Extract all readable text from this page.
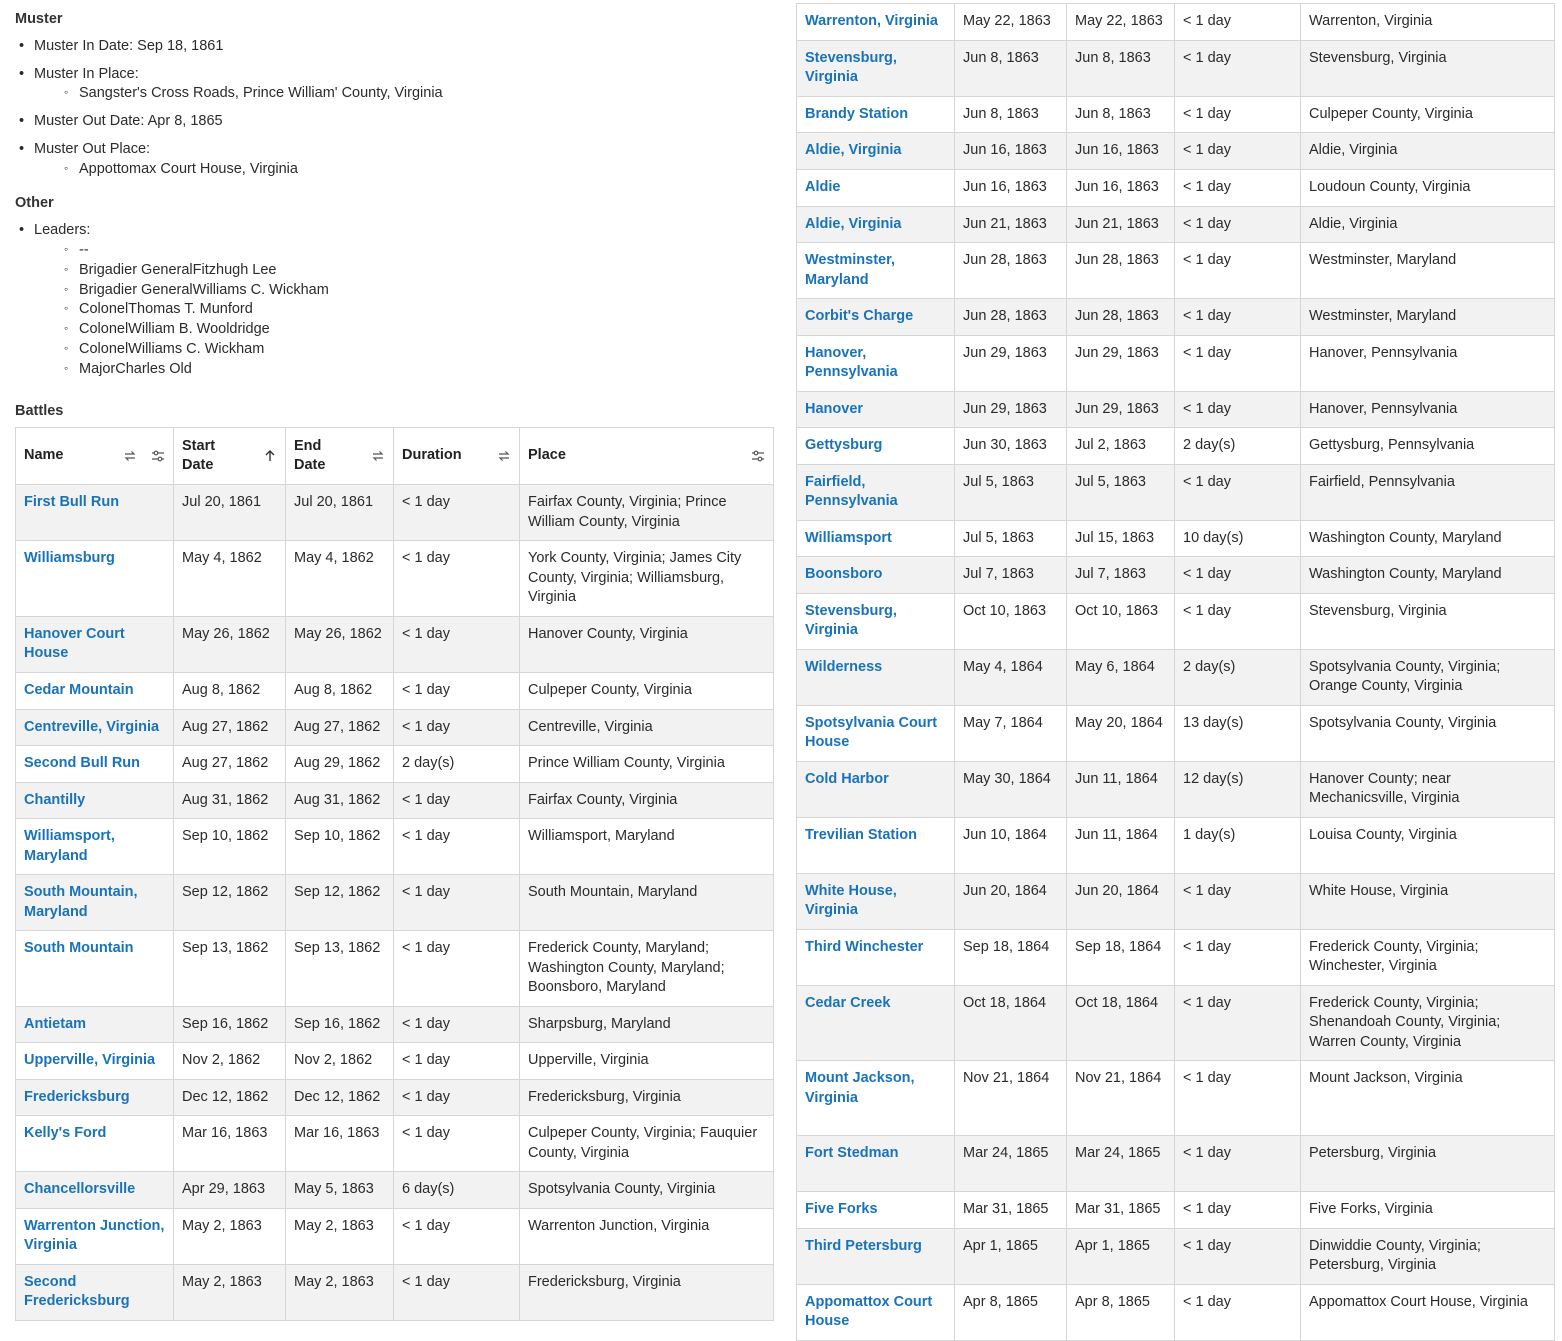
Muster
• Muster In Date: Sep 18, 1861
• Muster In Place:
◦ Sangster's Cross Roads, Prince William' County, Virginia
• Muster Out Date: Apr 8, 1865
• Muster Out Place:
◦ Appottomax Court House, Virginia
Other
• Leaders:
◦ --
◦ Brigadier GeneralFitzhugh Lee
◦ Brigadier GeneralWilliams C. Wickham
◦ ColonelThomas T. Munford
◦ ColonelWilliam B. Wooldridge
◦ ColonelWilliams C. Wickham
◦ MajorCharles Old
Battles
Name	Start Date	End Date	Duration	Place

First Bull Run	Jul 20, 1861	Jul 20, 1861	< 1 day	Fairfax County, Virginia; Prince William County, Virginia
Williamsburg	May 4, 1862	May 4, 1862	< 1 day	York County, Virginia; James City County, Virginia; Williamsburg, Virginia
Hanover Court House	May 26, 1862	May 26, 1862	< 1 day	Hanover County, Virginia
Cedar Mountain	Aug 8, 1862	Aug 8, 1862	< 1 day	Culpeper County, Virginia
Centreville, Virginia	Aug 27, 1862	Aug 27, 1862	< 1 day	Centreville, Virginia
Second Bull Run	Aug 27, 1862	Aug 29, 1862	2 day(s)	Prince William County, Virginia
Chantilly	Aug 31, 1862	Aug 31, 1862	< 1 day	Fairfax County, Virginia
Williamsport, Maryland	Sep 10, 1862	Sep 10, 1862	< 1 day	Williamsport, Maryland
South Mountain, Maryland	Sep 12, 1862	Sep 12, 1862	< 1 day	South Mountain, Maryland
South Mountain	Sep 13, 1862	Sep 13, 1862	< 1 day	Frederick County, Maryland; Washington County, Maryland; Boonsboro, Maryland
Antietam	Sep 16, 1862	Sep 16, 1862	< 1 day	Sharpsburg, Maryland
Upperville, Virginia	Nov 2, 1862	Nov 2, 1862	< 1 day	Upperville, Virginia
Fredericksburg	Dec 12, 1862	Dec 12, 1862	< 1 day	Fredericksburg, Virginia
Kelly's Ford	Mar 16, 1863	Mar 16, 1863	< 1 day	Culpeper County, Virginia; Fauquier County, Virginia
Chancellorsville	Apr 29, 1863	May 5, 1863	6 day(s)	Spotsylvania County, Virginia
Warrenton Junction, Virginia	May 2, 1863	May 2, 1863	< 1 day	Warrenton Junction, Virginia
Second Fredericksburg	May 2, 1863	May 2, 1863	< 1 day	Fredericksburg, Virginia
Warrenton, Virginia	May 22, 1863	May 22, 1863	< 1 day	Warrenton, Virginia
Stevensburg, Virginia	Jun 8, 1863	Jun 8, 1863	< 1 day	Stevensburg, Virginia
Brandy Station	Jun 8, 1863	Jun 8, 1863	< 1 day	Culpeper County, Virginia
Aldie, Virginia	Jun 16, 1863	Jun 16, 1863	< 1 day	Aldie, Virginia
Aldie	Jun 16, 1863	Jun 16, 1863	< 1 day	Loudoun County, Virginia
Aldie, Virginia	Jun 21, 1863	Jun 21, 1863	< 1 day	Aldie, Virginia
Westminster, Maryland	Jun 28, 1863	Jun 28, 1863	< 1 day	Westminster, Maryland
Corbit's Charge	Jun 28, 1863	Jun 28, 1863	< 1 day	Westminster, Maryland
Hanover, Pennsylvania	Jun 29, 1863	Jun 29, 1863	< 1 day	Hanover, Pennsylvania
Hanover	Jun 29, 1863	Jun 29, 1863	< 1 day	Hanover, Pennsylvania
Gettysburg	Jun 30, 1863	Jul 2, 1863	2 day(s)	Gettysburg, Pennsylvania
Fairfield, Pennsylvania	Jul 5, 1863	Jul 5, 1863	< 1 day	Fairfield, Pennsylvania
Williamsport	Jul 5, 1863	Jul 15, 1863	10 day(s)	Washington County, Maryland
Boonsboro	Jul 7, 1863	Jul 7, 1863	< 1 day	Washington County, Maryland
Stevensburg, Virginia	Oct 10, 1863	Oct 10, 1863	< 1 day	Stevensburg, Virginia
Wilderness	May 4, 1864	May 6, 1864	2 day(s)	Spotsylvania County, Virginia; Orange County, Virginia
Spotsylvania Court House	May 7, 1864	May 20, 1864	13 day(s)	Spotsylvania County, Virginia
Cold Harbor	May 30, 1864	Jun 11, 1864	12 day(s)	Hanover County; near Mechanicsville, Virginia
Trevilian Station	Jun 10, 1864	Jun 11, 1864	1 day(s)	Louisa County, Virginia
White House, Virginia	Jun 20, 1864	Jun 20, 1864	< 1 day	White House, Virginia
Third Winchester	Sep 18, 1864	Sep 18, 1864	< 1 day	Frederick County, Virginia; Winchester, Virginia
Cedar Creek	Oct 18, 1864	Oct 18, 1864	< 1 day	Frederick County, Virginia; Shenandoah County, Virginia; Warren County, Virginia
Mount Jackson, Virginia	Nov 21, 1864	Nov 21, 1864	< 1 day	Mount Jackson, Virginia
Fort Stedman	Mar 24, 1865	Mar 24, 1865	< 1 day	Petersburg, Virginia
Five Forks	Mar 31, 1865	Mar 31, 1865	< 1 day	Five Forks, Virginia
Third Petersburg	Apr 1, 1865	Apr 1, 1865	< 1 day	Dinwiddie County, Virginia; Petersburg, Virginia
Appomattox Court House	Apr 8, 1865	Apr 8, 1865	< 1 day	Appomattox Court House, Virginia
